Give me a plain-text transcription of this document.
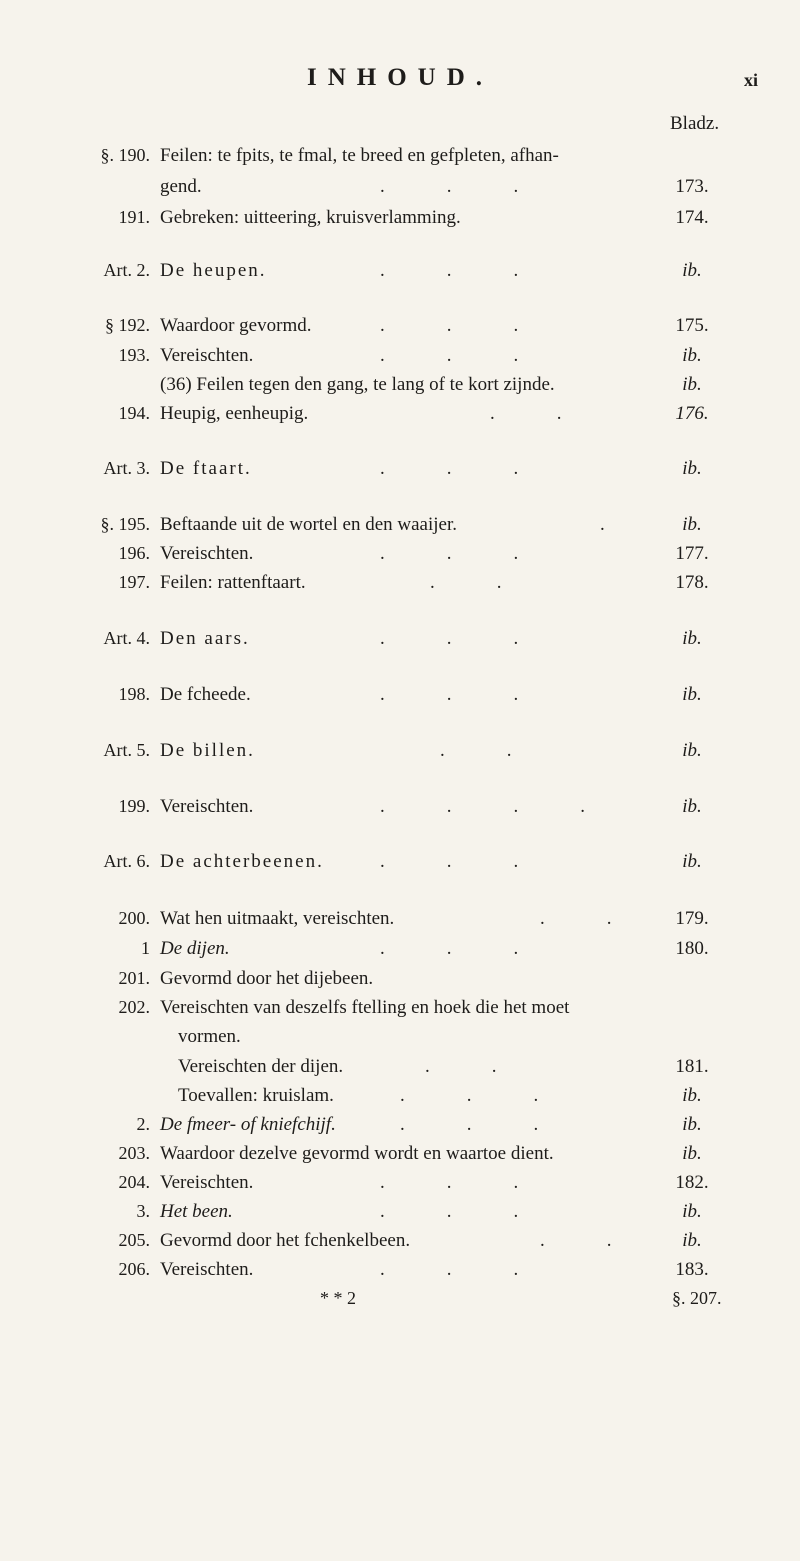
INHOUD.	xi
Bladz.
§. 190. Feilen: te fpits, te fmal, te breed en gefpleten, afhan-
gend.	...	173.
191. Gebreken: uitteering, kruisverlamming.	174.
Art. 2. De heupen.	...	ib.
§ 192. Waardoor gevormd.	...	175.
193. Vereischten.	...	ib.
(36) Feilen tegen den gang, te lang of te kort zijnde.	ib.
194. Heupig, eenheupig.	..	176.
Art. 3. De ftaart.	...	ib.
§. 195. Beftaande uit de wortel en den waaijer.	. ib.
196. Vereischten.	...	177.
197. Feilen: rattenftaart.	..	178.
Art. 4. Den aars.	...	ib.
198. De fcheede.	...	ib.
Art. 5. De billen.	..	ib.
199. Vereischten.	....	ib.
Art. 6. De achterbeenen.	...	ib.
200. Wat hen uitmaakt, vereischten.	.. 179.
1 De dijen.	...	180.
201. Gevormd door het dijebeen.
202. Vereischten van deszelfs ftelling en hoek die het moet
vormen.
Vereischten der dijen.	..	181.
Toevallen: kruislam.	...	ib.
2. De fmeer- of kniefchijf.	...	ib.
203. Waardoor dezelve gevormd wordt en waartoe dient.	ib.
204. Vereischten.	...	182.
3. Het been.	...	ib.
205. Gevormd door het fchenkelbeen.	.. ib.
206. Vereischten.	...	183.
* * 2	§. 207.
